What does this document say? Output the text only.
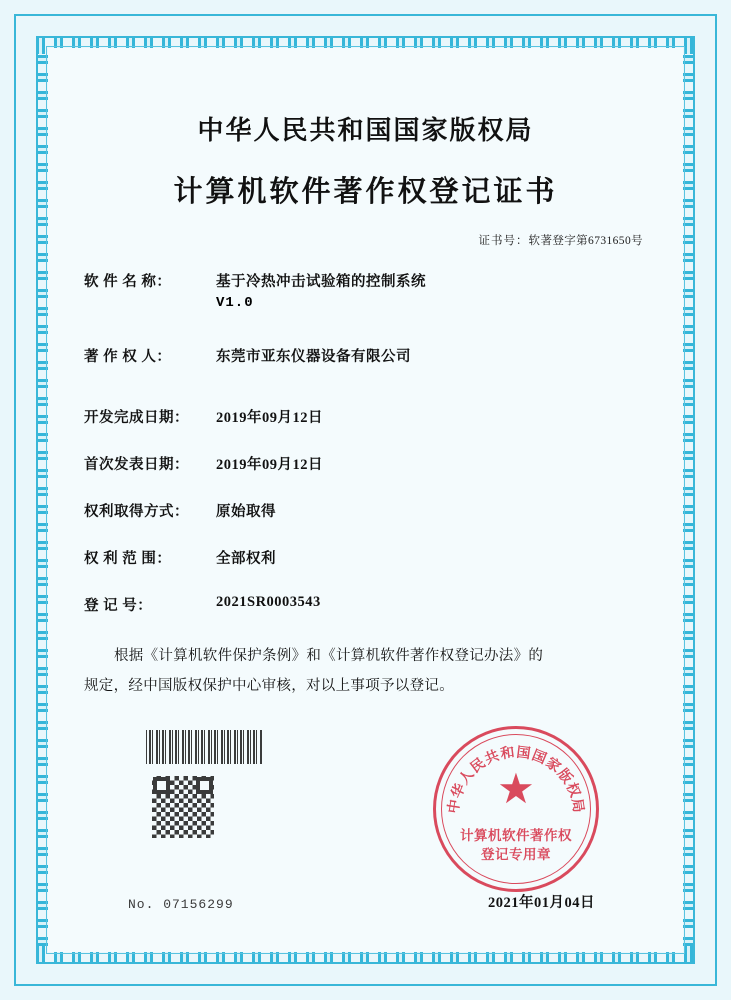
中华人民共和国国家版权局
计算机软件著作权登记证书
证书号：软著登字第6731650号
软 件 名 称：	基于冷热冲击试验箱的控制系统
V1.0
著 作 权 人：	东莞市亚东仪器设备有限公司
开发完成日期：	2019年09月12日
首次发表日期：	2019年09月12日
权利取得方式：	原始取得
权 利 范 围：	全部权利
登 记 号：	2021SR0003543
根据《计算机软件保护条例》和《计算机软件著作权登记办法》的
规定，经中国版权保护中心审核，对以上事项予以登记。
中华人民共和国国家版权局
★
计算机软件著作权
登记专用章
No. 07156299	2021年01月04日
